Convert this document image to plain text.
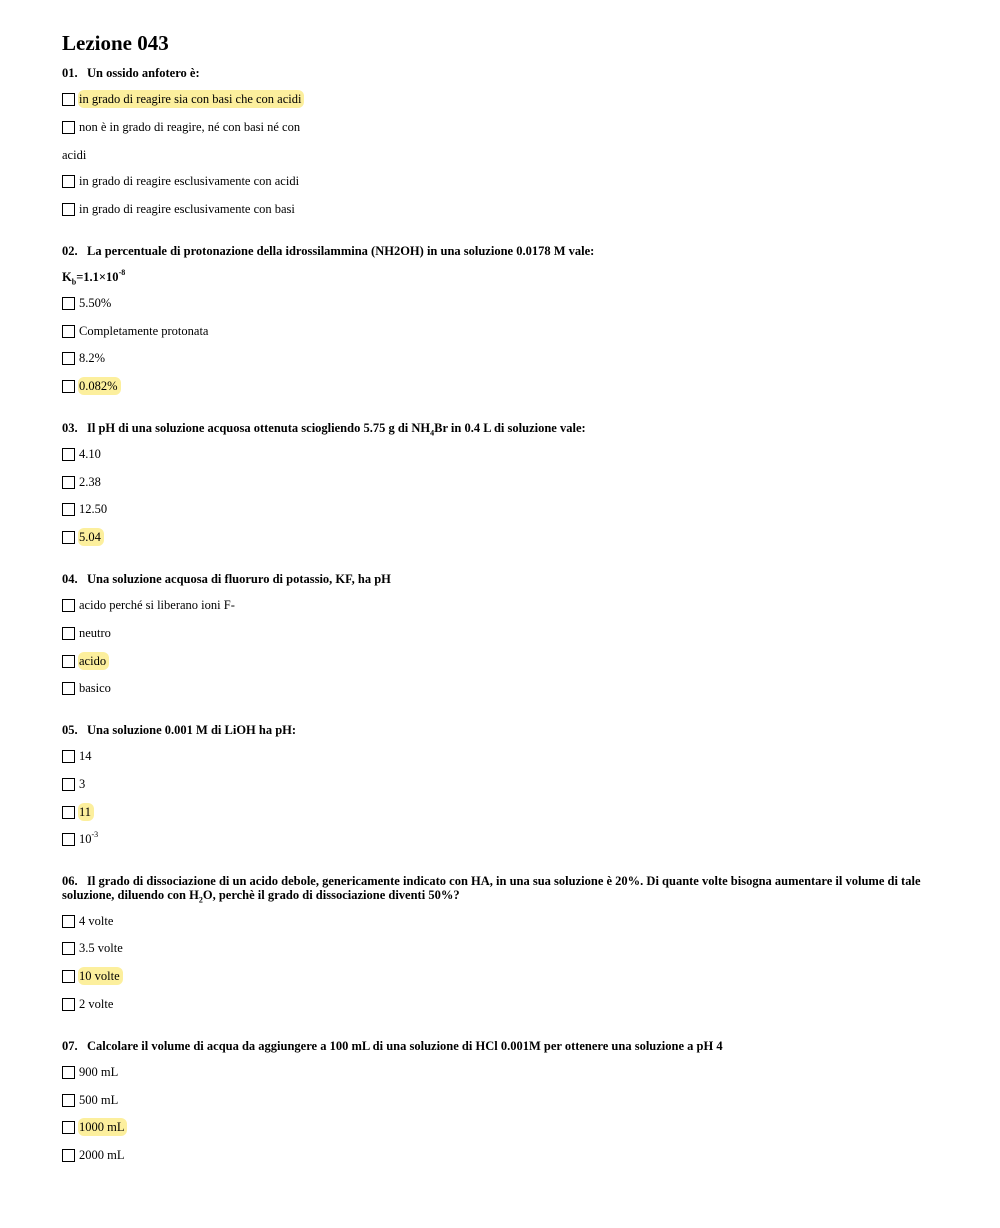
Lezione 043
01. Un ossido anfotero è:
in grado di reagire sia con basi che con acidi
non è in grado di reagire, né con basi né con
acidi
in grado di reagire esclusivamente con acidi
in grado di reagire esclusivamente con basi
02. La percentuale di protonazione della idrossilammina (NH2OH) in una soluzione 0.0178 M vale:
$K_b=1.1\times 10^{-8}$
5.50%
Completamente protonata
8.2%
0.082%
03. Il pH di una soluzione acquosa ottenuta sciogliendo 5.75 g di $NH_4Br$ in 0.4 L di soluzione vale:
4.10
2.38
12.50
5.04
04. Una soluzione acquosa di fluoruro di potassio, KF, ha pH
acido perché si liberano ioni F-
neutro
acido
basico
05. Una soluzione 0.001 M di LiOH ha pH:
14
3
11
$10^{-3}$
06. Il grado di dissociazione di un acido debole, genericamente indicato con HA, in una sua soluzione è 20%. Di quante volte bisogna aumentare il volume di tale
soluzione, diluendo con $H_2O$, perchè il grado di dissociazione diventi 50%?
4 volte
3.5 volte
10 volte
2 volte
07. Calcolare il volume di acqua da aggiungere a 100 mL di una soluzione di HCl 0.001M per ottenere una soluzione a pH 4
900 mL
500 mL
1000 mL
2000 mL
